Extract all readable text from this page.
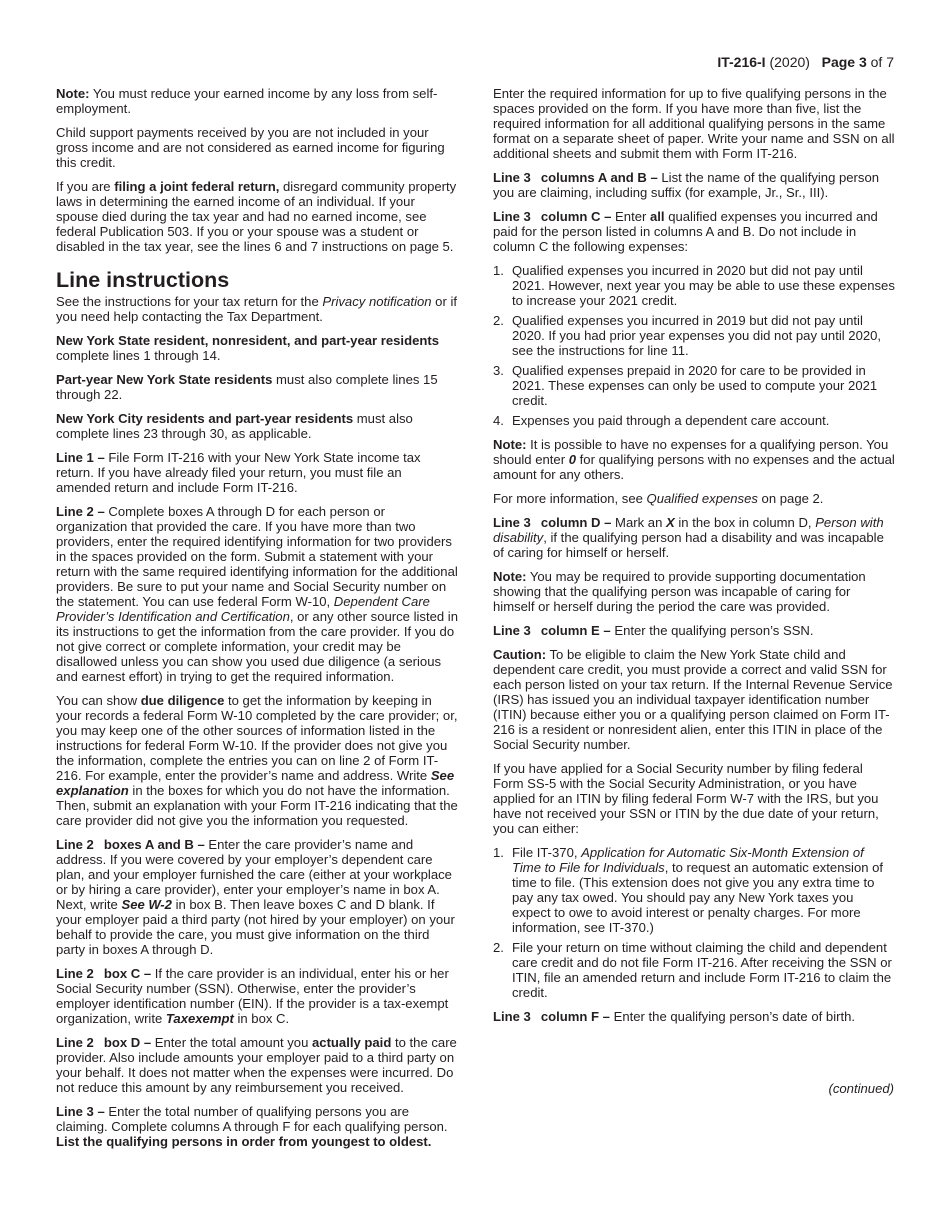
IT-216-I (2020) Page 3 of 7

Note: You must reduce your earned income by any loss from self-employment.

Child support payments received by you are not included in your gross income and are not considered as earned income for figuring this credit.

If you are filing a joint federal return, disregard community property laws in determining the earned income of an individual. If your spouse died during the tax year and had no earned income, see federal Publication 503. If you or your spouse was a student or disabled in the tax year, see the lines 6 and 7 instructions on page 5.

Line instructions

See the instructions for your tax return for the Privacy notification or if you need help contacting the Tax Department.

New York State resident, nonresident, and part-year residents complete lines 1 through 14.

Part-year New York State residents must also complete lines 15 through 22.

New York City residents and part-year residents must also complete lines 23 through 30, as applicable.

Line 1 – File Form IT-216 with your New York State income tax return. If you have already filed your return, you must file an amended return and include Form IT-216.

Line 2 – Complete boxes A through D for each person or organization that provided the care. If you have more than two providers, enter the required identifying information for two providers in the spaces provided on the form. Submit a statement with your return with the same required identifying information for the additional providers. Be sure to put your name and Social Security number on the statement. You can use federal Form W-10, Dependent Care Provider’s Identification and Certification, or any other source listed in its instructions to get the information from the care provider. If you do not give correct or complete information, your credit may be disallowed unless you can show you used due diligence (a serious and earnest effort) in trying to get the required information.

You can show due diligence to get the information by keeping in your records a federal Form W-10 completed by the care provider; or, you may keep one of the other sources of information listed in the instructions for federal Form W-10. If the provider does not give you the information, complete the entries you can on line 2 of Form IT-216. For example, enter the provider’s name and address. Write See explanation in the boxes for which you do not have the information. Then, submit an explanation with your Form IT-216 indicating that the care provider did not give you the information you requested.

Line 2 boxes A and B – Enter the care provider’s name and address. If you were covered by your employer’s dependent care plan, and your employer furnished the care (either at your workplace or by hiring a care provider), enter your employer’s name in box A. Next, write See W-2 in box B. Then leave boxes C and D blank. If your employer paid a third party (not hired by your employer) on your behalf to provide the care, you must give information on the third party in boxes A through D.

Line 2 box C – If the care provider is an individual, enter his or her Social Security number (SSN). Otherwise, enter the provider’s employer identification number (EIN). If the provider is a tax-exempt organization, write Taxexempt in box C.

Line 2 box D – Enter the total amount you actually paid to the care provider. Also include amounts your employer paid to a third party on your behalf. It does not matter when the expenses were incurred. Do not reduce this amount by any reimbursement you received.

Line 3 – Enter the total number of qualifying persons you are claiming. Complete columns A through F for each qualifying person. List the qualifying persons in order from youngest to oldest.

Enter the required information for up to five qualifying persons in the spaces provided on the form. If you have more than five, list the required information for all additional qualifying persons in the same format on a separate sheet of paper. Write your name and SSN on all additional sheets and submit them with Form IT-216.

Line 3 columns A and B – List the name of the qualifying person you are claiming, including suffix (for example, Jr., Sr., III).

Line 3 column C – Enter all qualified expenses you incurred and paid for the person listed in columns A and B. Do not include in column C the following expenses:

1. Qualified expenses you incurred in 2020 but did not pay until 2021. However, next year you may be able to use these expenses to increase your 2021 credit.
2. Qualified expenses you incurred in 2019 but did not pay until 2020. If you had prior year expenses you did not pay until 2020, see the instructions for line 11.
3. Qualified expenses prepaid in 2020 for care to be provided in 2021. These expenses can only be used to compute your 2021 credit.
4. Expenses you paid through a dependent care account.

Note: It is possible to have no expenses for a qualifying person. You should enter 0 for qualifying persons with no expenses and the actual amount for any others.

For more information, see Qualified expenses on page 2.

Line 3 column D – Mark an X in the box in column D, Person with disability, if the qualifying person had a disability and was incapable of caring for himself or herself.

Note: You may be required to provide supporting documentation showing that the qualifying person was incapable of caring for himself or herself during the period the care was provided.

Line 3 column E – Enter the qualifying person’s SSN.

Caution: To be eligible to claim the New York State child and dependent care credit, you must provide a correct and valid SSN for each person listed on your tax return. If the Internal Revenue Service (IRS) has issued you an individual taxpayer identification number (ITIN) because either you or a qualifying person claimed on Form IT-216 is a resident or nonresident alien, enter this ITIN in place of the Social Security number.

If you have applied for a Social Security number by filing federal Form SS-5 with the Social Security Administration, or you have applied for an ITIN by filing federal Form W-7 with the IRS, but you have not received your SSN or ITIN by the due date of your return, you can either:

1. File IT-370, Application for Automatic Six-Month Extension of Time to File for Individuals, to request an automatic extension of time to file. (This extension does not give you any extra time to pay any tax owed. You should pay any New York taxes you expect to owe to avoid interest or penalty charges. For more information, see IT-370.)
2. File your return on time without claiming the child and dependent care credit and do not file Form IT-216. After receiving the SSN or ITIN, file an amended return and include Form IT-216 to claim the credit.

Line 3 column F – Enter the qualifying person’s date of birth.

(continued)
